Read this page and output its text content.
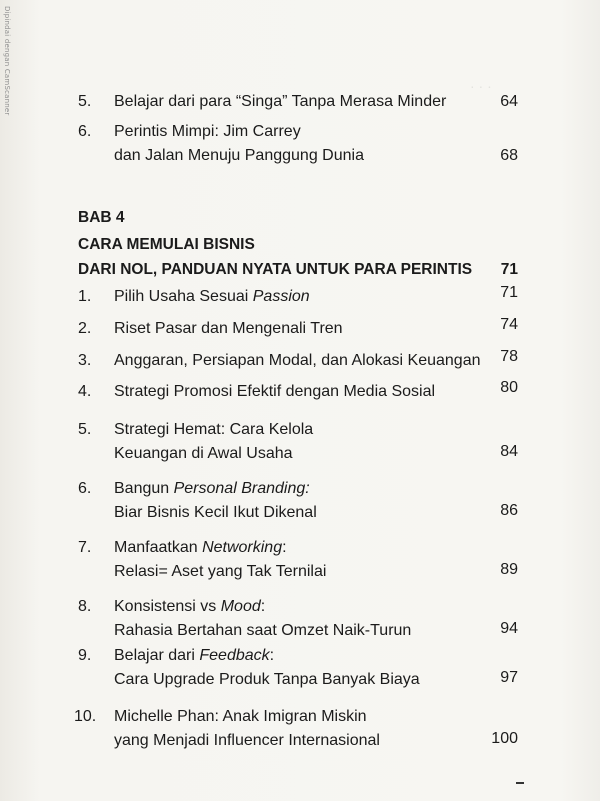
Dipindai dengan CamScanner	· · ·
5.	Belajar dari para “Singa” Tanpa Merasa Minder	64
6.	Perintis Mimpi: Jim Carrey
dan Jalan Menuju Panggung Dunia	68
BAB 4
CARA MEMULAI BISNIS
DARI NOL, PANDUAN NYATA UNTUK PARA PERINTIS	71
1.	Pilih Usaha Sesuai Passion	71
2.	Riset Pasar dan Mengenali Tren	74
3.	Anggaran, Persiapan Modal, dan Alokasi Keuangan	78
4.	Strategi Promosi Efektif dengan Media Sosial	80
5.	Strategi Hemat: Cara Kelola
Keuangan di Awal Usaha	84
6.	Bangun Personal Branding:
Biar Bisnis Kecil Ikut Dikenal	86
7.	Manfaatkan Networking:
Relasi= Aset yang Tak Ternilai	89
8.	Konsistensi vs Mood:
Rahasia Bertahan saat Omzet Naik-Turun	94
9.	Belajar dari Feedback:
Cara Upgrade Produk Tanpa Banyak Biaya	97
10.	Michelle Phan: Anak Imigran Miskin
yang Menjadi Influencer Internasional	100
